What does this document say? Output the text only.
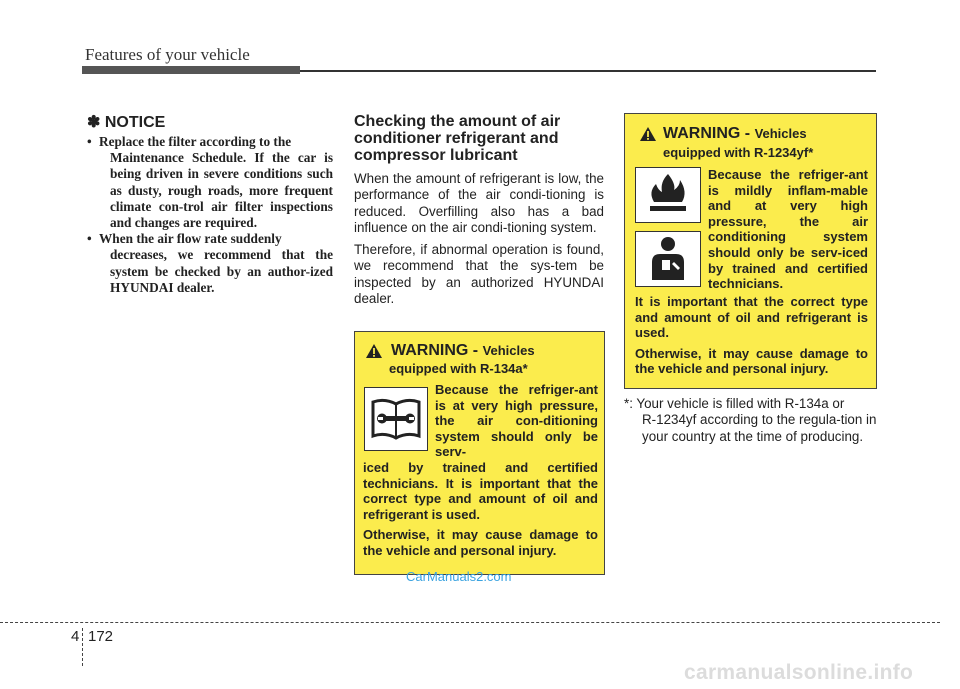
Features of your vehicle
✽ NOTICE
• Replace the filter according to the
Maintenance Schedule. If the car is being driven in severe conditions such as dusty, rough roads, more frequent climate con-trol air filter inspections and changes are required.
• When the air flow rate suddenly
decreases, we recommend that the system be checked by an author-ized HYUNDAI dealer.
Checking the amount of air conditioner refrigerant and compressor lubricant

When the amount of refrigerant is low, the performance of the air condi-tioning is reduced. Overfilling also has a bad influence on the air condi-tioning system.

Therefore, if abnormal operation is found, we recommend that the sys-tem be inspected by an authorized HYUNDAI dealer.

WARNING - Vehicles
equipped with R-134a*

Because the refriger-ant is at very high pressure, the air con-ditioning system should only be serv-

iced by trained and certified technicians. It is important that the correct type and amount of oil and refrigerant is used.

Otherwise, it may cause damage to the vehicle and personal injury.

WARNING - Vehicles
equipped with R-1234yf*

Because the refriger-ant is mildly inflam-mable and at very high pressure, the air conditioning system should only be serv-iced by trained and certified technicians.

It is important that the correct type and amount of oil and refrigerant is used.

Otherwise, it may cause damage to the vehicle and personal injury.

*: Your vehicle is filled with R-134a or
R-1234yf according to the regula-tion in your country at the time of producing.
CarManuals2.com
4 172
carmanualsonline.info
